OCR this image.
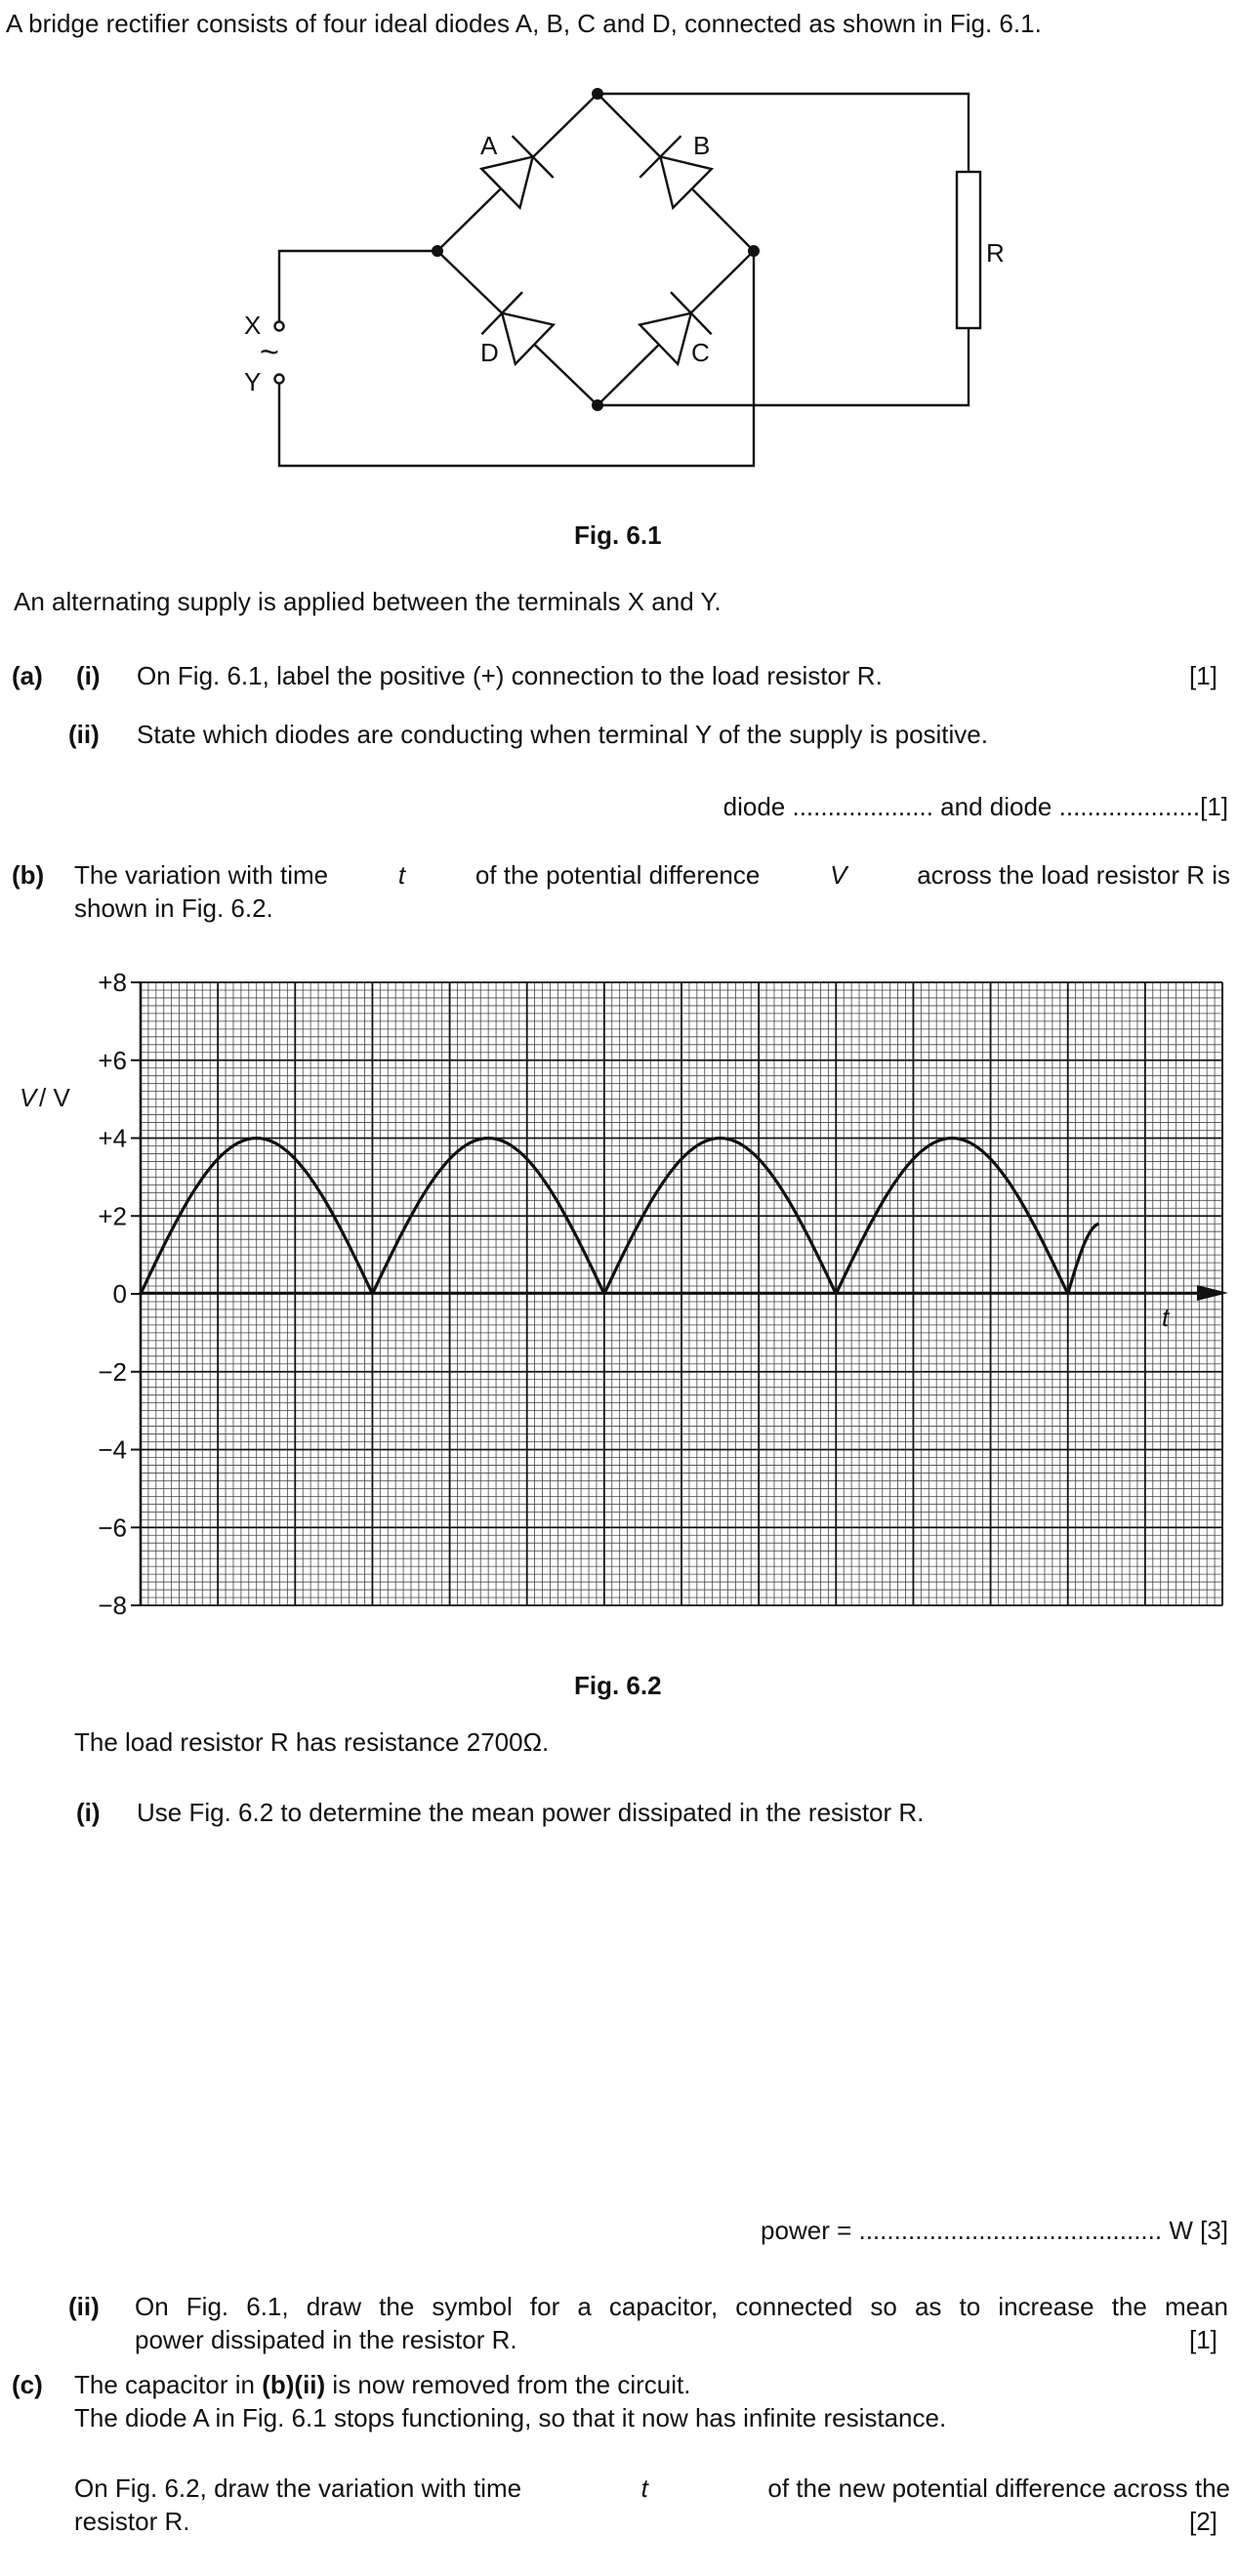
A bridge rectifier consists of four ideal diodes A, B, C and D, connected as shown in Fig. 6.1.
A	B
C
D
R
X
Y
~
Fig. 6.1
An alternating supply is applied between the terminals X and Y.
(a) (i) On Fig. 6.1, label the positive (+) connection to the load resistor R.	[1]
(ii) State which diodes are conducting when terminal Y of the supply is positive.
diode .................... and diode ....................[1]
(b) The variation with time	t	of the potential difference	V	across the load resistor R is
shown in Fig. 6.2.
+8
+6
+4
+2
0
−2
−4
−6
−8
t
V / V
Fig. 6.2
The load resistor R has resistance 2700Ω.
(i) Use Fig. 6.2 to determine the mean power dissipated in the resistor R.
power = ........................................... W [3]
(ii) On Fig. 6.1, draw the symbol for a capacitor, connected so as to increase the mean
power dissipated in the resistor R.	[1]
(c) The capacitor in (b)(ii) is now removed from the circuit.
The diode A in Fig. 6.1 stops functioning, so that it now has infinite resistance.
On Fig. 6.2, draw the variation with time	t	of the new potential difference across the
resistor R.	[2]
